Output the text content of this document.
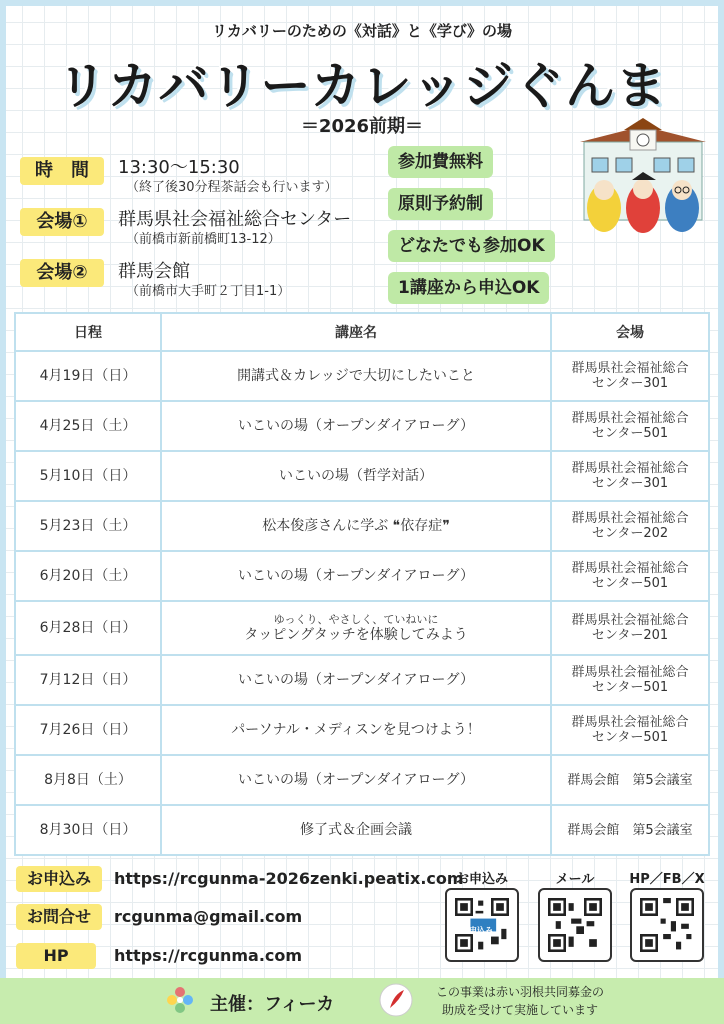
リカバリーのための《対話》と《学び》の場
リカバリーカレッジぐんま
＝2026前期＝
時　間	13:30〜15:30
（終了後30分程茶話会も行います）
会場①	群馬県社会福祉総合センター
（前橋市新前橋町13-12）
会場②	群馬会館
（前橋市大手町２丁目1-1）
参加費無料
原則予約制
どなたでも参加OK
1講座から申込OK
日程	講座名	会場
4月19日（日）	開講式＆カレッジで大切にしたいこと	群馬県社会福祉総合
センター301
4月25日（土）	いこいの場（オープンダイアローグ）	群馬県社会福祉総合
センター501
5月10日（日）	いこいの場（哲学対話）	群馬県社会福祉総合
センター301
5月23日（土）	松本俊彦さんに学ぶ ❝依存症❞	群馬県社会福祉総合
センター202
6月20日（土）	いこいの場（オープンダイアローグ）	群馬県社会福祉総合
センター501
6月28日（日）	ゆっくり、やさしく、ていねいに
タッピングタッチを体験してみよう	群馬県社会福祉総合
センター201
7月12日（日）	いこいの場（オープンダイアローグ）	群馬県社会福祉総合
センター501
7月26日（日）	パーソナル・メディスンを見つけよう！	群馬県社会福祉総合
センター501
8月8日（土）	いこいの場（オープンダイアローグ）	群馬会館　第5会議室
8月30日（日）	修了式＆企画会議	群馬会館　第5会議室
お申込み	https://rcgunma-2026zenki.peatix.com
お問合せ	rcgunma@gmail.com
HP	https://rcgunma.com
お申込み
申込み
メール	HP／FB／X
主催：フィーカ
この事業は赤い羽根共同募金の
助成を受けて実施しています
